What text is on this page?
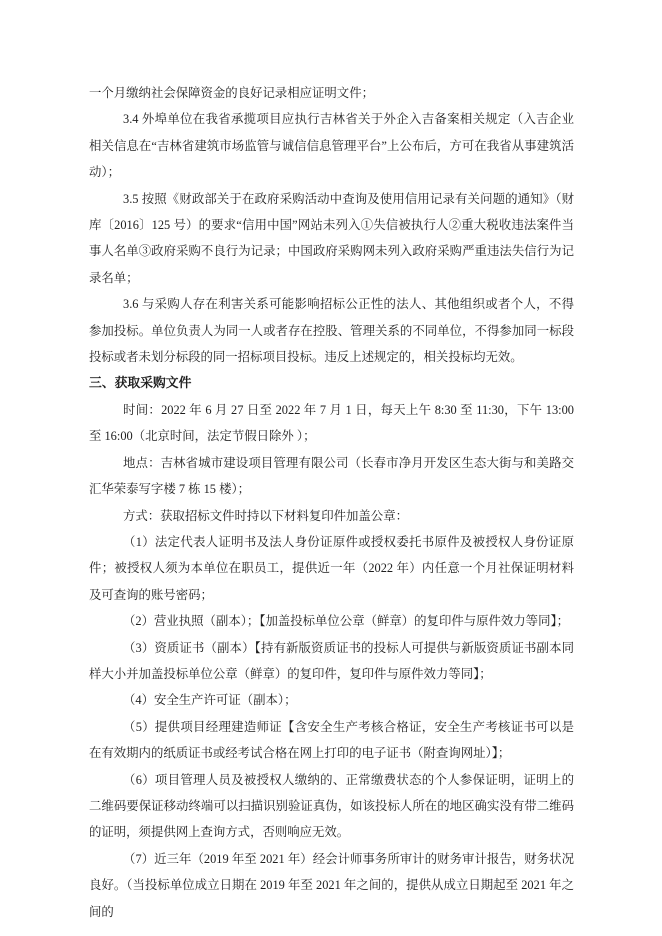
一个月缴纳社会保障资金的良好记录相应证明文件；

3.4 外埠单位在我省承揽项目应执行吉林省关于外企入吉备案相关规定（入吉企业相关信息在“吉林省建筑市场监管与诚信信息管理平台”上公布后，方可在我省从事建筑活动）；

3.5 按照《财政部关于在政府采购活动中查询及使用信用记录有关问题的通知》（财库〔2016〕125 号）的要求“信用中国”网站未列入①失信被执行人②重大税收违法案件当事人名单③政府采购不良行为记录；中国政府采购网未列入政府采购严重违法失信行为记录名单；

3.6 与采购人存在利害关系可能影响招标公正性的法人、其他组织或者个人，不得参加投标。单位负责人为同一人或者存在控股、管理关系的不同单位，不得参加同一标段投标或者未划分标段的同一招标项目投标。违反上述规定的，相关投标均无效。

三、获取采购文件

时间：2022 年 6 月 27 日至 2022 年 7 月 1 日，每天上午 8:30 至 11:30，下午 13:00 至 16:00（北京时间，法定节假日除外 ）；

地点：吉林省城市建设项目管理有限公司（长春市净月开发区生态大街与和美路交汇华荣泰写字楼 7 栋 15 楼）；

方式：获取招标文件时持以下材料复印件加盖公章：

（1）法定代表人证明书及法人身份证原件或授权委托书原件及被授权人身份证原件；被授权人须为本单位在职员工，提供近一年（2022 年）内任意一个月社保证明材料及可查询的账号密码；

（2）营业执照（副本）；【加盖投标单位公章（鲜章）的复印件与原件效力等同】；

（3）资质证书（副本）【持有新版资质证书的投标人可提供与新版资质证书副本同样大小并加盖投标单位公章（鲜章）的复印件，复印件与原件效力等同】；

（4）安全生产许可证（副本）；

（5）提供项目经理建造师证【含安全生产考核合格证，安全生产考核证书可以是在有效期内的纸质证书或经考试合格在网上打印的电子证书（附查询网址）】；

（6）项目管理人员及被授权人缴纳的、正常缴费状态的个人参保证明，证明上的二维码要保证移动终端可以扫描识别验证真伪，如该投标人所在的地区确实没有带二维码的证明，须提供网上查询方式，否则响应无效。

（7）近三年（2019 年至 2021 年）经会计师事务所审计的财务审计报告，财务状况良好。（当投标单位成立日期在 2019 年至 2021 年之间的，提供从成立日期起至 2021 年之间的
